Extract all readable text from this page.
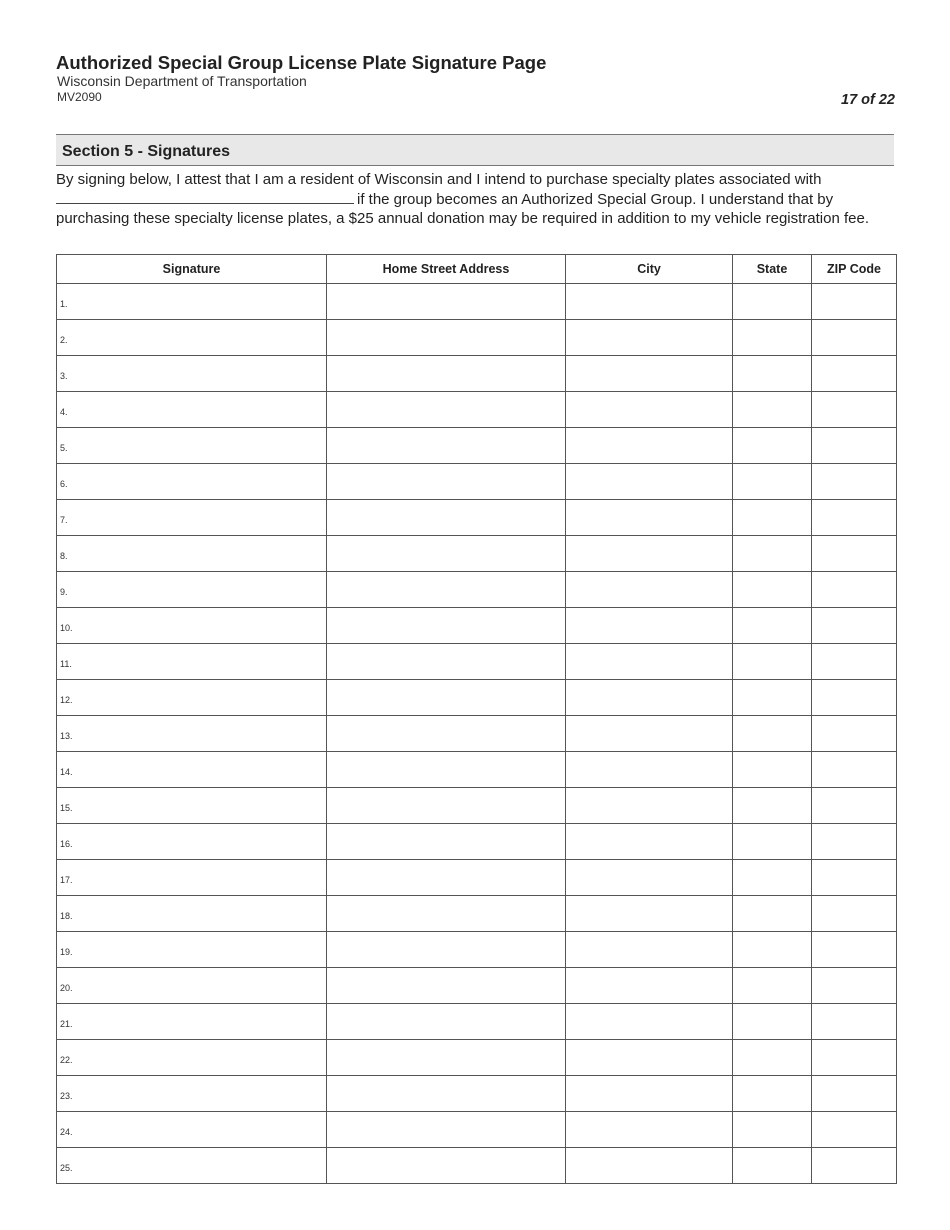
Authorized Special Group License Plate Signature Page
Wisconsin Department of Transportation
MV2090	17 of 22
Section 5 - Signatures
By signing below, I attest that I am a resident of Wisconsin and I intend to purchase specialty plates associated with if the group becomes an Authorized Special Group. I understand that by purchasing these specialty license plates, a $25 annual donation may be required in addition to my vehicle registration fee.
Signature	Home Street Address	City	State	ZIP Code

1.				

2.				

3.				

4.				

5.				

6.				

7.				

8.				

9.				

10.				

11.				

12.				

13.				

14.				

15.				

16.				

17.				

18.				

19.				

20.				

21.				

22.				

23.				

24.				

25.				
